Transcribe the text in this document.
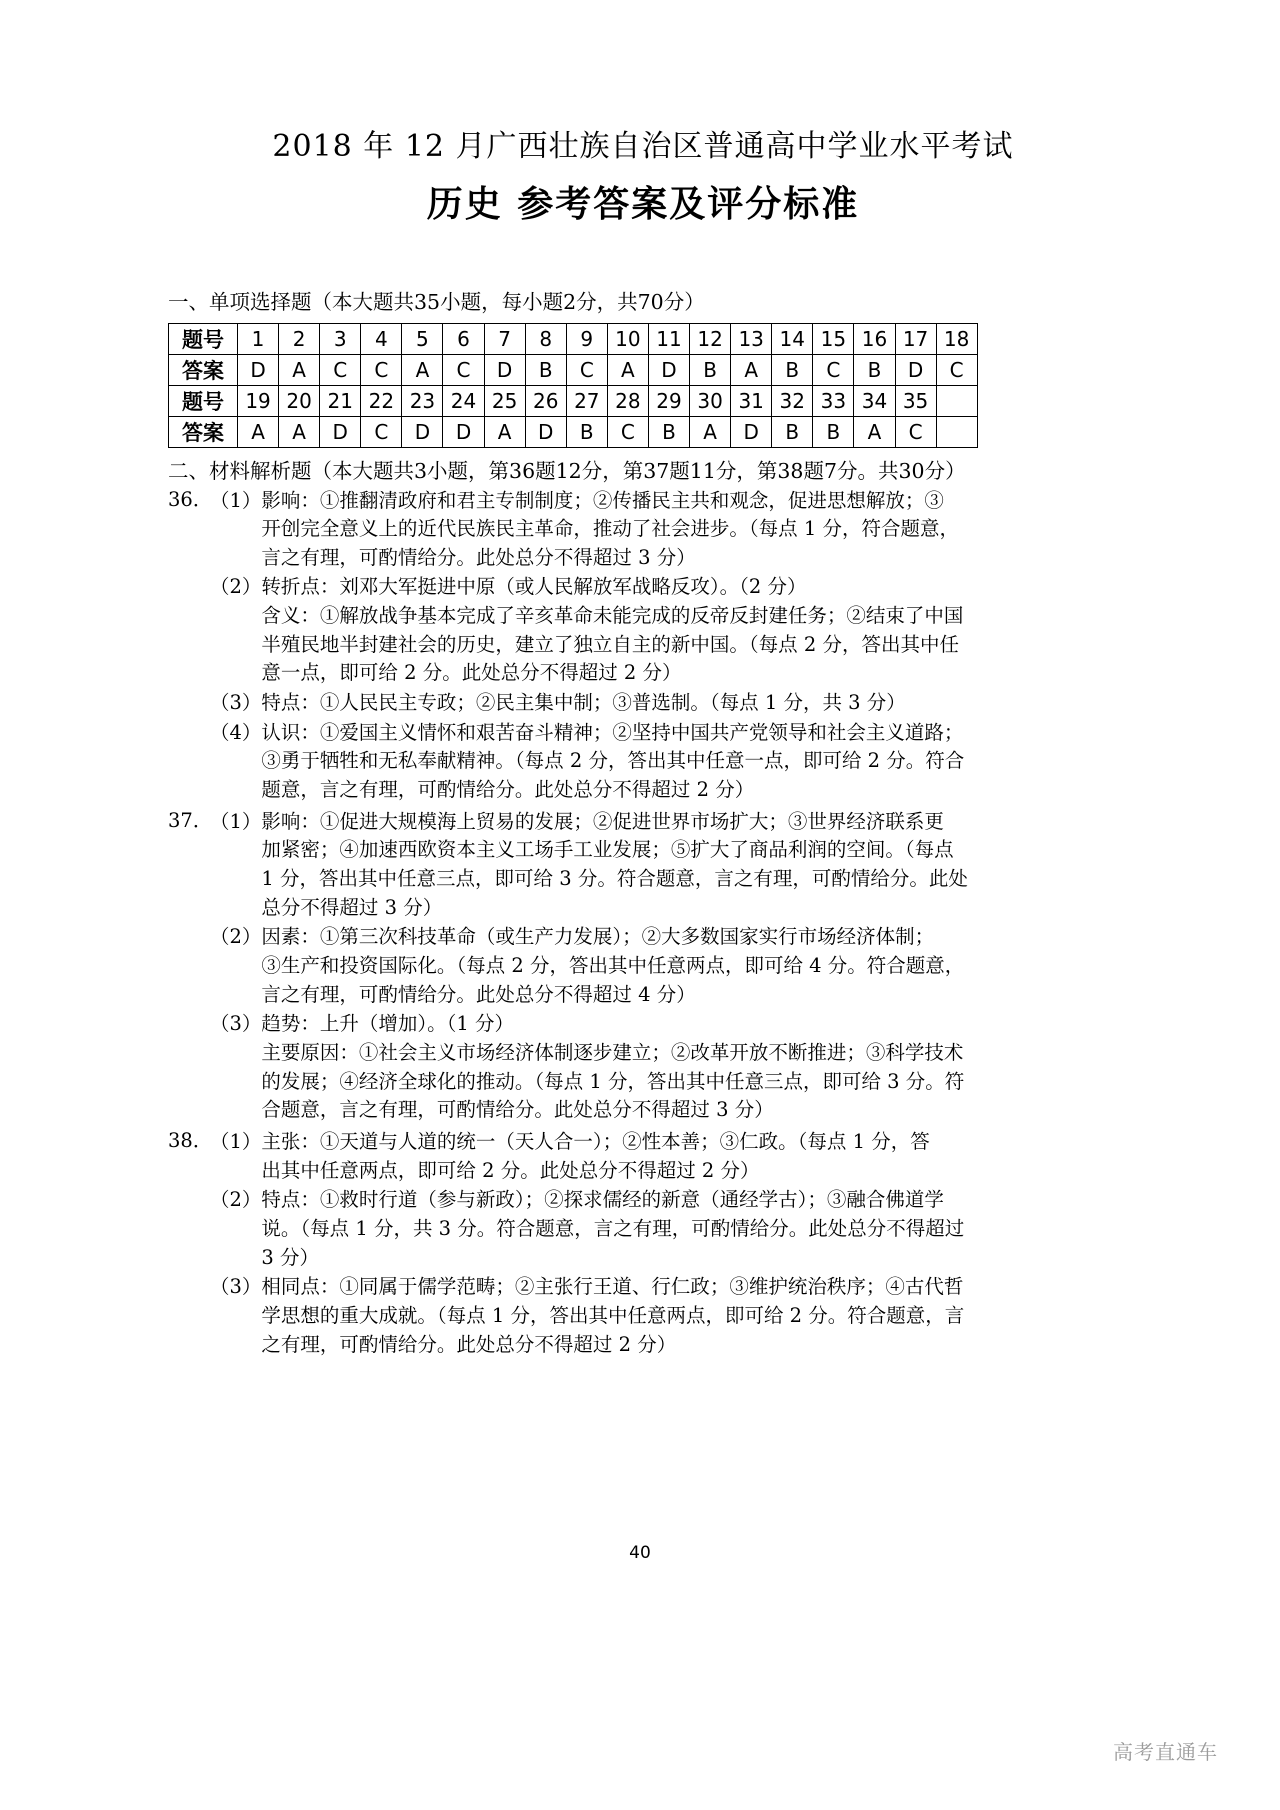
2018 年 12 月广西壮族自治区普通高中学业水平考试
历史 参考答案及评分标准
一、单项选择题（本大题共35小题，每小题2分，共70分）
题号	1	2	3	4	5	6	7	8	9	10	11	12	13	14	15	16	17	18
答案	D	A	C	C	A	C	D	B	C	A	D	B	A	B	C	B	D	C
题号	19	20	21	22	23	24	25	26	27	28	29	30	31	32	33	34	35	
答案	A	A	D	C	D	D	A	D	B	C	B	A	D	B	B	A	C	
二、材料解析题（本大题共3小题，第36题12分，第37题11分，第38题7分。共30分）
36．
（1） 影响：①推翻清政府和君主专制制度；②传播民主共和观念，促进思想解放；③
开创完全意义上的近代民族民主革命，推动了社会进步。（每点 1 分，符合题意，
言之有理，可酌情给分。此处总分不得超过 3 分）
（2） 转折点：刘邓大军挺进中原（或人民解放军战略反攻）。（2 分）
含义：①解放战争基本完成了辛亥革命未能完成的反帝反封建任务；②结束了中国
半殖民地半封建社会的历史，建立了独立自主的新中国。（每点 2 分，答出其中任
意一点，即可给 2 分。此处总分不得超过 2 分）
（3） 特点：①人民民主专政；②民主集中制；③普选制。（每点 1 分，共 3 分）
（4） 认识：①爱国主义情怀和艰苦奋斗精神；②坚持中国共产党领导和社会主义道路；
③勇于牺牲和无私奉献精神。（每点 2 分，答出其中任意一点，即可给 2 分。符合
题意，言之有理，可酌情给分。此处总分不得超过 2 分）
37．
（1） 影响：①促进大规模海上贸易的发展；②促进世界市场扩大；③世界经济联系更
加紧密；④加速西欧资本主义工场手工业发展；⑤扩大了商品利润的空间。（每点
1 分，答出其中任意三点，即可给 3 分。符合题意，言之有理，可酌情给分。此处
总分不得超过 3 分）
（2） 因素：①第三次科技革命（或生产力发展）；②大多数国家实行市场经济体制；
③生产和投资国际化。（每点 2 分，答出其中任意两点，即可给 4 分。符合题意，
言之有理，可酌情给分。此处总分不得超过 4 分）
（3） 趋势：上升（增加）。（1 分）
主要原因：①社会主义市场经济体制逐步建立；②改革开放不断推进；③科学技术
的发展；④经济全球化的推动。（每点 1 分，答出其中任意三点，即可给 3 分。符
合题意，言之有理，可酌情给分。此处总分不得超过 3 分）
38．
（1） 主张：①天道与人道的统一（天人合一）；②性本善；③仁政。（每点 1 分，答
出其中任意两点，即可给 2 分。此处总分不得超过 2 分）
（2） 特点：①救时行道（参与新政）；②探求儒经的新意（通经学古）；③融合佛道学
说。（每点 1 分，共 3 分。符合题意，言之有理，可酌情给分。此处总分不得超过
3 分）
（3） 相同点：①同属于儒学范畴；②主张行王道、行仁政；③维护统治秩序；④古代哲
学思想的重大成就。（每点 1 分，答出其中任意两点，即可给 2 分。符合题意，言
之有理，可酌情给分。此处总分不得超过 2 分）
40
高考直通车
